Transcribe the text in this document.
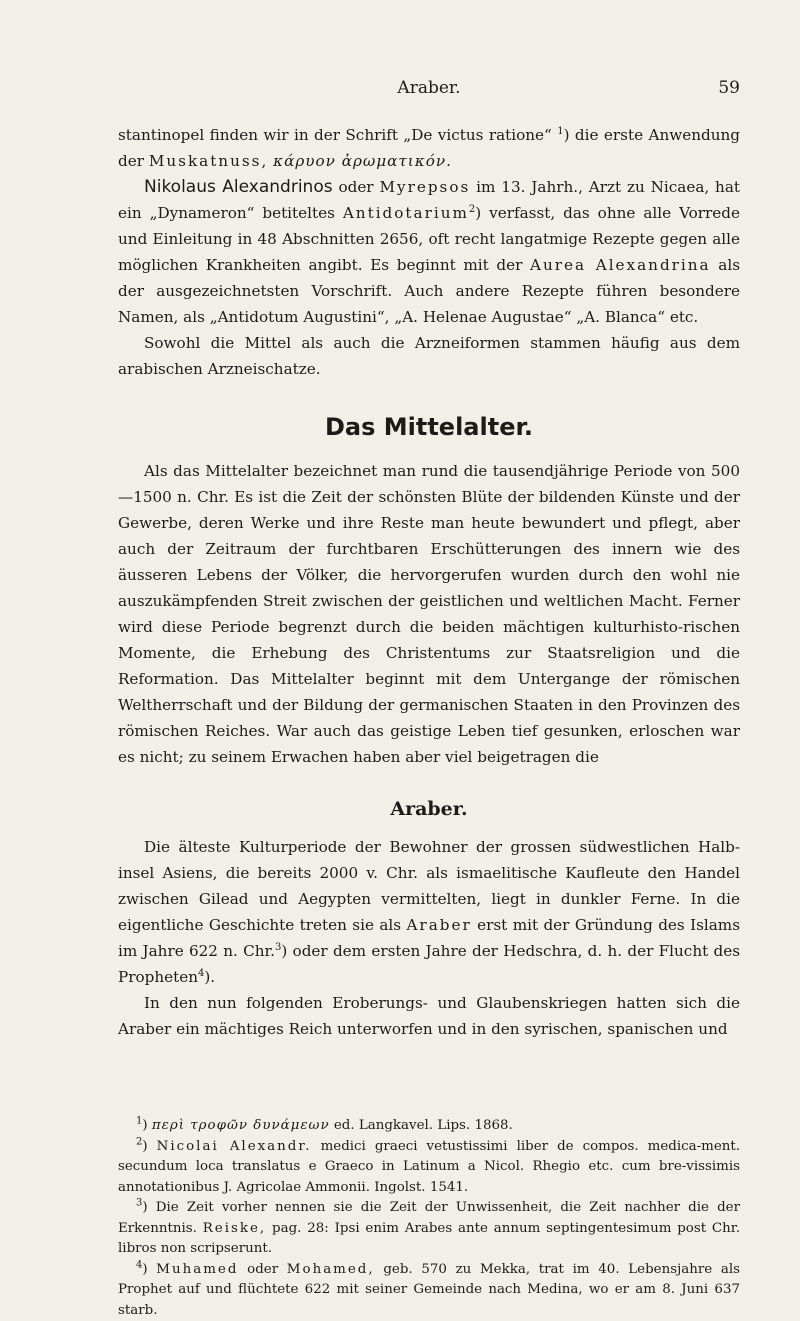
Araber.	59

stantinopel finden wir in der Schrift „De victus ratione“ $^1$) die erste Anwendung der Muskatnuss, κάρυον ἀρωματικόν.

Nikolaus Alexandrinos oder Myrepsos im 13. Jahrh., Arzt zu Nicaea, hat ein „Dynameron“ betiteltes Antidotarium$^2$) verfasst, das ohne alle Vorrede und Einleitung in 48 Abschnitten 2656, oft recht langatmige Rezepte gegen alle möglichen Krankheiten angibt. Es beginnt mit der Aurea Alexandrina als der ausgezeichnetsten Vorschrift. Auch andere Rezepte führen besondere Namen, als „Antidotum Augustini“, „A. Helenae Augustae“ „A. Blanca“ etc.

Sowohl die Mittel als auch die Arzneiformen stammen häufig aus dem arabischen Arzneischatze.

Das Mittelalter.

Als das Mittelalter bezeichnet man rund die tausendjährige Periode von 500—1500 n. Chr. Es ist die Zeit der schönsten Blüte der bildenden Künste und der Gewerbe, deren Werke und ihre Reste man heute bewundert und pflegt, aber auch der Zeitraum der furchtbaren Erschütterungen des innern wie des äusseren Lebens der Völker, die hervorgerufen wurden durch den wohl nie auszukämpfenden Streit zwischen der geistlichen und weltlichen Macht. Ferner wird diese Periode begrenzt durch die beiden mächtigen kulturhisto-rischen Momente, die Erhebung des Christentums zur Staatsreligion und die Reformation. Das Mittelalter beginnt mit dem Untergange der römischen Weltherrschaft und der Bildung der germanischen Staaten in den Provinzen des römischen Reiches. War auch das geistige Leben tief gesunken, erloschen war es nicht; zu seinem Erwachen haben aber viel beigetragen die

Araber.

Die älteste Kulturperiode der Bewohner der grossen südwestlichen Halb-insel Asiens, die bereits 2000 v. Chr. als ismaelitische Kaufleute den Handel zwischen Gilead und Aegypten vermittelten, liegt in dunkler Ferne. In die eigentliche Geschichte treten sie als Araber erst mit der Gründung des Islams im Jahre 622 n. Chr.$^3$) oder dem ersten Jahre der Hedschra, d. h. der Flucht des Propheten$^4$).

In den nun folgenden Eroberungs- und Glaubenskriegen hatten sich die Araber ein mächtiges Reich unterworfen und in den syrischen, spanischen und

$^1$) περὶ τροφῶν δυνάμεων ed. Langkavel. Lips. 1868.

$^2$) Nicolai Alexandr. medici graeci vetustissimi liber de compos. medica-ment. secundum loca translatus e Graeco in Latinum a Nicol. Rhegio etc. cum bre-vissimis annotationibus J. Agricolae Ammonii. Ingolst. 1541.

$^3$) Die Zeit vorher nennen sie die Zeit der Unwissenheit, die Zeit nachher die der Erkenntnis. Reiske, pag. 28: Ipsi enim Arabes ante annum septingentesimum post Chr. libros non scripserunt.

$^4$) Muhamed oder Mohamed, geb. 570 zu Mekka, trat im 40. Lebensjahre als Prophet auf und flüchtete 622 mit seiner Gemeinde nach Medina, wo er am 8. Juni 637 starb.
